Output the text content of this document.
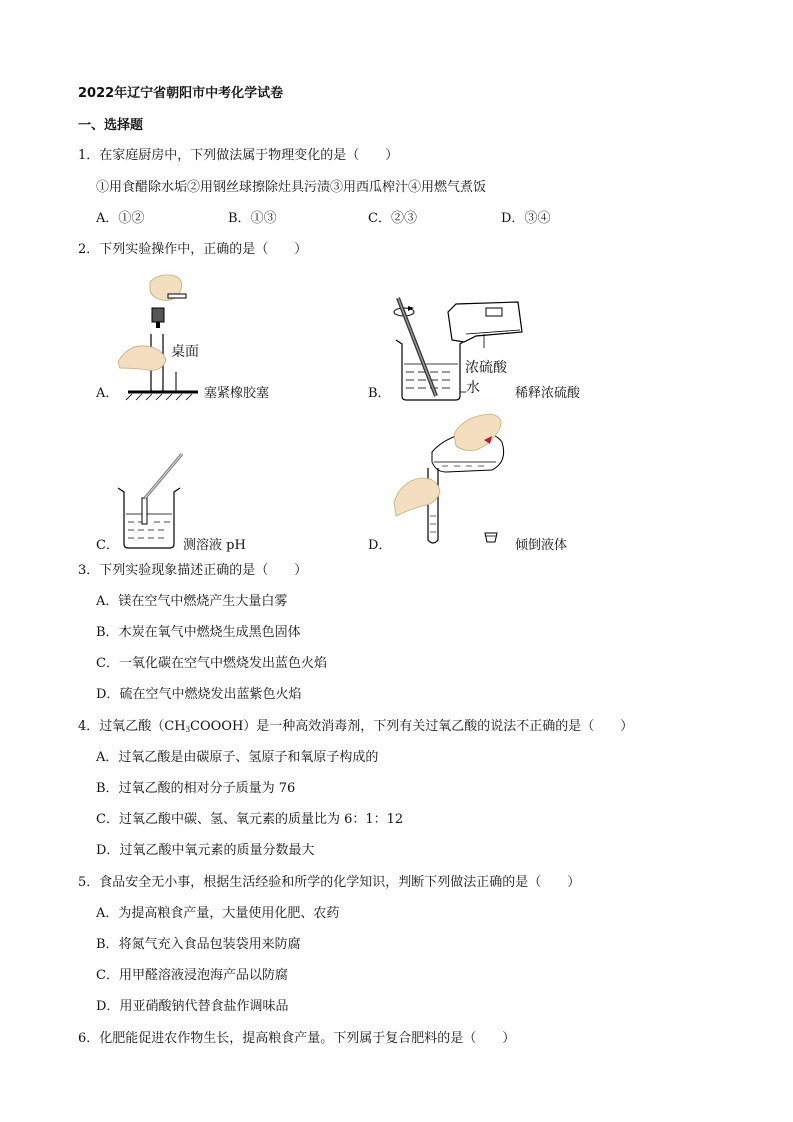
2022年辽宁省朝阳市中考化学试卷
一、选择题
1．在家庭厨房中，下列做法属于物理变化的是（　　）
①用食醋除水垢②用钢丝球擦除灶具污渍③用西瓜榨汁④用燃气煮饭
A．①②	B．①③	C．②③	D．③④
2．下列实验操作中，正确的是（　　）
A．
桌面
塞紧橡胶塞	B．
浓硫酸
水	稀释浓硫酸
C．	测溶液 pH	D．	倾倒液体
3．下列实验现象描述正确的是（　　）
A．镁在空气中燃烧产生大量白雾
B．木炭在氧气中燃烧生成黑色固体
C．一氧化碳在空气中燃烧发出蓝色火焰
D．硫在空气中燃烧发出蓝紫色火焰
4．过氧乙酸$(CH_3COOOH)$是一种高效消毒剂，下列有关过氧乙酸的说法不正确的是（　　）
A．过氧乙酸是由碳原子、氢原子和氧原子构成的
B．过氧乙酸的相对分子质量为 76
C．过氧乙酸中碳、氢、氧元素的质量比为 6：1：12
D．过氧乙酸中氧元素的质量分数最大
5．食品安全无小事，根据生活经验和所学的化学知识，判断下列做法正确的是（　　）
A．为提高粮食产量，大量使用化肥、农药
B．将氮气充入食品包装袋用来防腐
C．用甲醛溶液浸泡海产品以防腐
D．用亚硝酸钠代替食盐作调味品
6．化肥能促进农作物生长，提高粮食产量。下列属于复合肥料的是（　　）
